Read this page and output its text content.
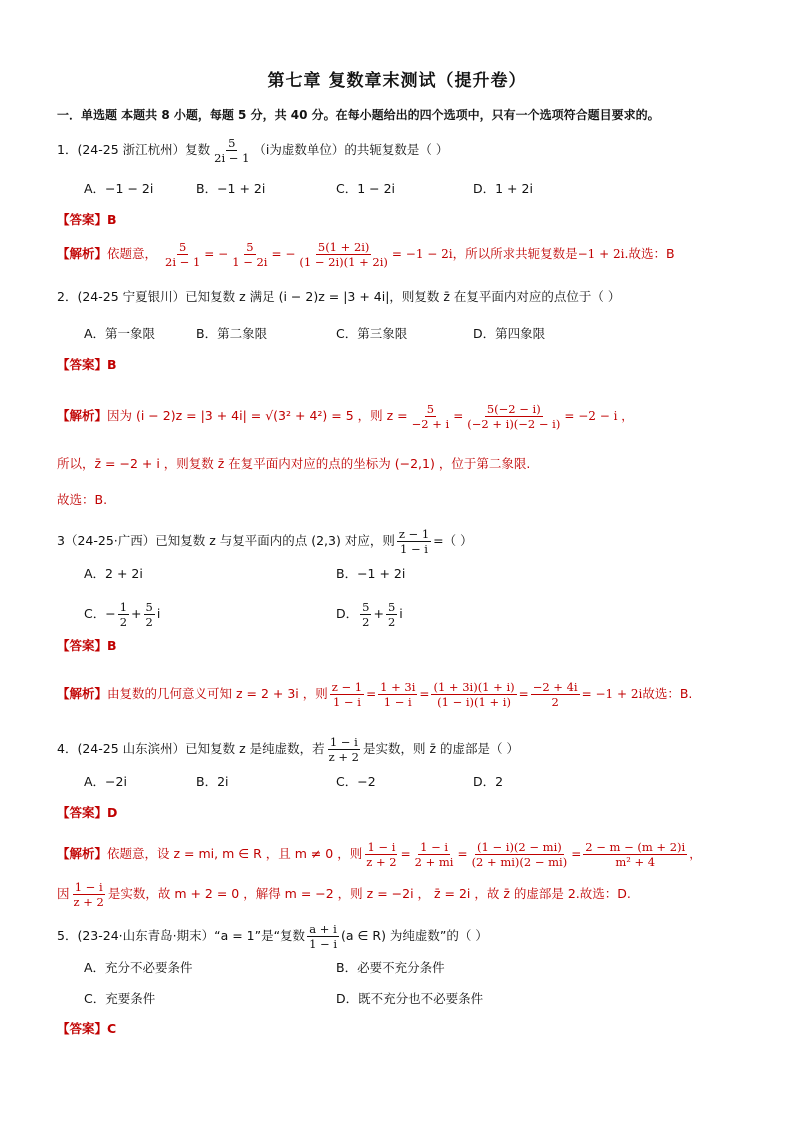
第七章 复数章末测试（提升卷）
一．单选题 本题共 8 小题，每题 5 分，共 40 分。在每小题给出的四个选项中，只有一个选项符合题目要求的。
1．(24-25 浙江杭州）复数 $\frac{5}{2i - 1} (i$为虚数单位）的共轭复数是（ ）
A．−1 − 2i	B．−1 + 2i	C．1 − 2i	D．1 + 2i
【答案】B
【解析】依题意， $\frac{5}{2i - 1}$ = − $\frac{5}{1 - 2i}$ = − $\frac{5(1 + 2i)}{(1 - 2i)(1 + 2i)} = -1 - 2i$，所以所求共轭复数是−1 + 2i.故选：B
2．(24-25 宁夏银川）已知复数 z 满足 (i − 2)z = |3 + 4i|，则复数 z̄ 在复平面内对应的点位于（ ）
A．第一象限	B．第二象限	C．第三象限	D．第四象限
【答案】B
【解析】因为 (i − 2)z = |3 + 4i| = √(3² + 4²) = 5 ，则 $z = \frac{5}{-2 + i} = \frac{5(-2 - i)}{(-2 + i)(-2 - i)} = -2 - i$ ，
所以，z̄ = −2 + i ，则复数 z̄ 在复平面内对应的点的坐标为 (−2,1) ，位于第二象限.
故选：B.
3（24-25·广西）已知复数 z 与复平面内的点 (2,3) 对应，则 $\frac{z - 1}{1 - i}$ =（ ）
A．2 + 2i	B．−1 + 2i
C．− $\frac{1}{2} + \frac{5}{2}$ i	D． $\frac{5}{2} + \frac{5}{2}$ i
【答案】B
【解析】由复数的几何意义可知 z = 2 + 3i ，则 $\frac{z - 1}{1 - i} = \frac{1 + 3i}{1 - i} = \frac{(1 + 3i)(1 + i)}{(1 - i)(1 + i)} = \frac{-2 + 4i}{2} = -1 + 2i$故选：B.
4．(24-25 山东滨州）已知复数 z 是纯虚数，若 $\frac{1 - i}{z + 2}$ 是实数，则 z̄ 的虚部是（ ）
A．−2i	B．2i	C．−2	D．2
【答案】D
【解析】依题意，设 z = mi, m ∈ R ，且 m ≠ 0 ，则 $\frac{1 - i}{z + 2} = \frac{1 - i}{2 + mi} = \frac{(1 - i)(2 - mi)}{(2 + mi)(2 - mi)} = \frac{2 - m - (m + 2)i}{\text{m² + 4}}$ ，
因 $\frac{1 - i}{z + 2}$ 是实数，故 m + 2 = 0 ，解得 m = −2 ，则 z = −2i ， z̄ = 2i ，故 z̄ 的虚部是 2.故选：D.
5．(23-24·山东青岛·期末）“a = 1”是“复数 $\frac{a + i}{1 - i} (a$ ∈ R) 为纯虚数”的（ ）
A．充分不必要条件	B．必要不充分条件
C．充要条件	D．既不充分也不必要条件
【答案】C
